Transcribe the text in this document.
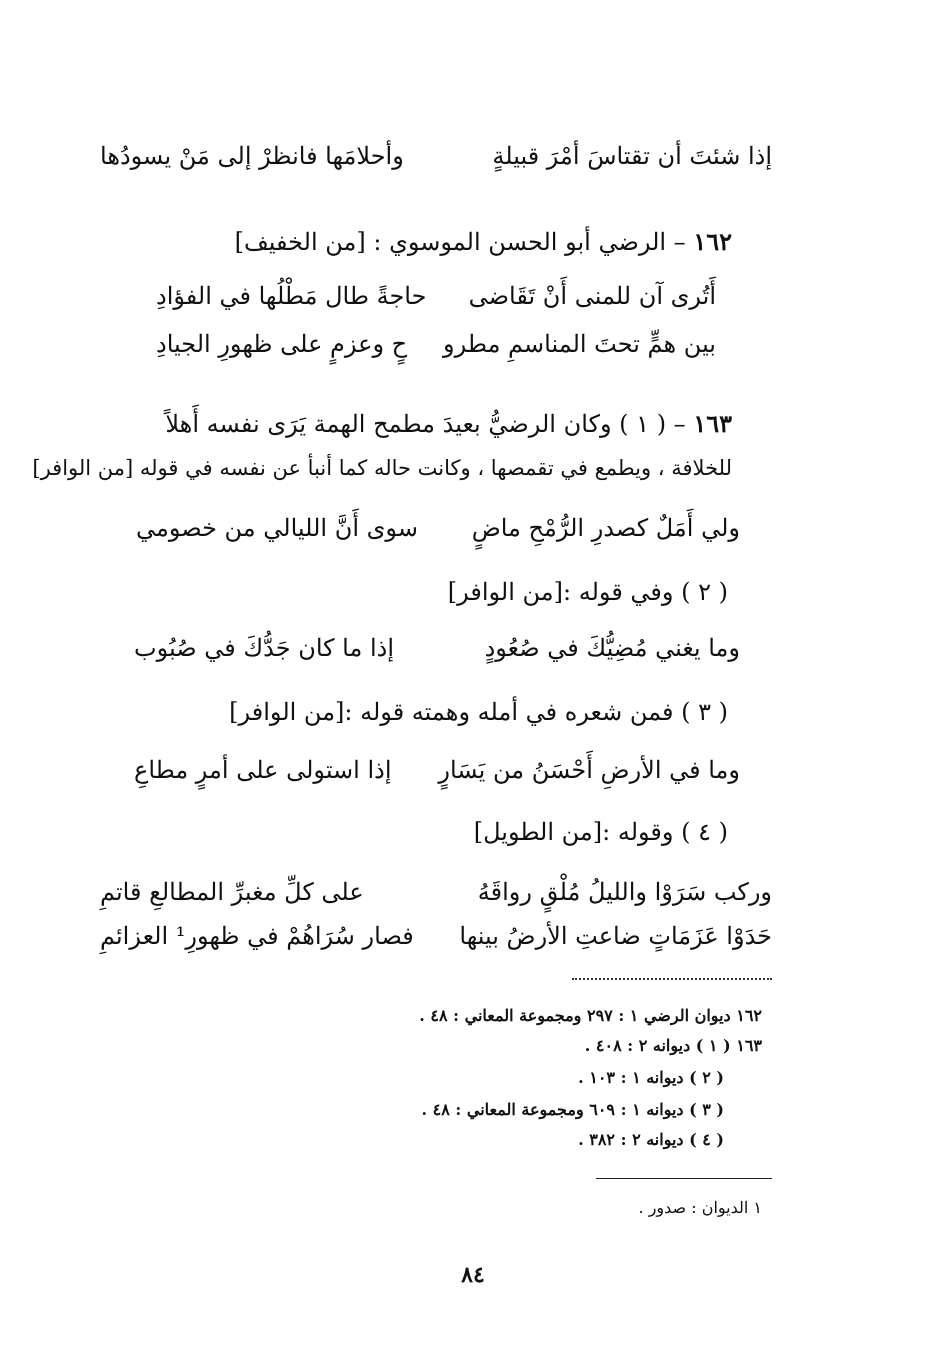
وأحلامَها فانظرْ إلى مَنْ يسودُها	إذا شئتَ أن تقتاسَ أمْرَ قبيلةٍ
١٦٢ – الرضي أبو الحسن الموسوي : [من الخفيف]
حاجةً طال مَطْلُها في الفؤادِ أَتُرى آن للمنى أَنْ تَقَاضى
حٍ وعزمٍ على ظهورِ الجيادِ بين همٍّ تحتَ المناسمِ مطرو
١٦٣ – ( ١ ) وكان الرضيُّ بعيدَ مطمح الهمة يَرَى نفسه أَهلاً
للخلافة ، ويطمع في تقمصها ، وكانت حاله كما أنبأ عن نفسه في قوله [من الوافر]
سوى أَنَّ الليالي من خصومي ولي أَمَلٌ كصدرِ الرُّمْحِ ماضٍ
( ٢ ) وفي قوله :[من الوافر]
إذا ما كان جَدُّكَ في صُبُوب	وما يغني مُضِيُّكَ في صُعُودٍ
( ٣ ) فمن شعره في أمله وهمته قوله :[من الوافر]
إذا استولى على أمرٍ مطاعِ وما في الأرضِ أَحْسَنُ من يَسَارٍ
( ٤ ) وقوله :[من الطويل]
على كلِّ مغبرِّ المطالعِ قاتمِ	وركب سَرَوْا والليلُ مُلْقٍ رواقَهُ
فصار سُرَاهُمْ في ظهورِ¹ العزائمِ حَدَوْا عَزَمَاتٍ ضاعتِ الأرضُ بينها
١٦٢ ديوان الرضي ١ : ٢٩٧ ومجموعة المعاني : ٤٨ .
١٦٣ ( ١ ) ديوانه ٢ : ٤٠٨ .
( ٢ ) ديوانه ١ : ١٠٣ .
( ٣ ) ديوانه ١ : ٦٠٩ ومجموعة المعاني : ٤٨ .
( ٤ ) ديوانه ٢ : ٣٨٢ .
١ الديوان : صدور .
٨٤
